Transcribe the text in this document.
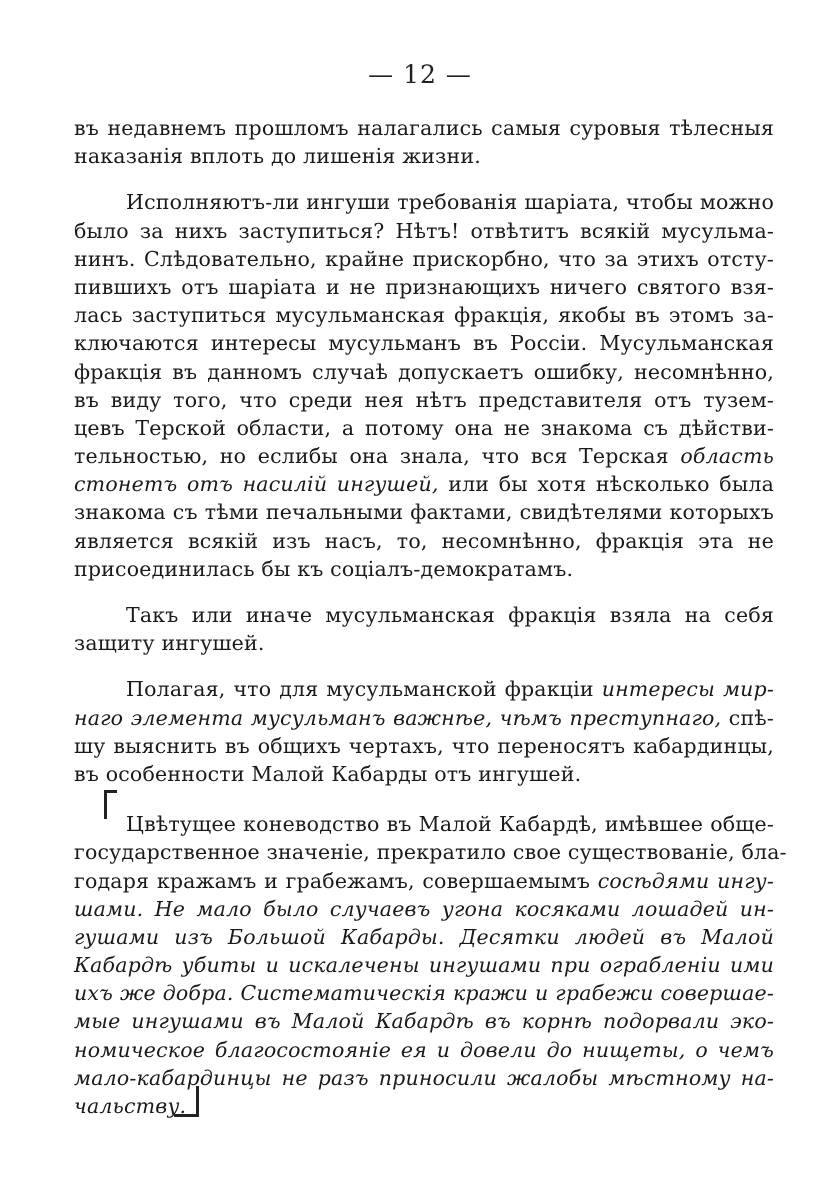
— 12 —
въ недавнемъ прошломъ налагались самыя суровыя тѣлесныя
наказанія вплоть до лишенія жизни.
Исполняютъ-ли ингуши требованія шаріата, чтобы можно
было за нихъ заступиться? Нѣтъ! отвѣтитъ всякій мусульма-
нинъ. Слѣдовательно, крайне прискорбно, что за этихъ отсту-
пившихъ отъ шаріата и не признающихъ ничего святого взя-
лась заступиться мусульманская фракція, якобы въ этомъ за-
ключаются интересы мусульманъ въ Россіи. Мусульманская
фракція въ данномъ случаѣ допускаетъ ошибку, несомнѣнно,
въ виду того, что среди нея нѣтъ представителя отъ тузем-
цевъ Терской области, а потому она не знакома съ дѣйстви-
тельностью, но еслибы она знала, что вся Терская область
стонетъ отъ насилій ингушей, или бы хотя нѣсколько была
знакома съ тѣми печальными фактами, свидѣтелями которыхъ
является всякій изъ насъ, то, несомнѣнно, фракція эта не
присоединилась бы къ соціалъ-демократамъ.
Такъ или иначе мусульманская фракція взяла на себя
защиту ингушей.
Полагая, что для мусульманской фракціи интересы мир-
наго элемента мусульманъ важнѣе, чѣмъ преступнаго, спѣ-
шу выяснить въ общихъ чертахъ, что переносятъ кабардинцы,
въ особенности Малой Кабарды отъ ингушей.
Цвѣтущее коневодство въ Малой Кабардѣ, имѣвшее обще-
государственное значеніе, прекратило свое существованіе, бла-
годаря кражамъ и грабежамъ, совершаемымъ сосѣдями ингу-
шами. Не мало было случаевъ угона косяками лошадей ин-
гушами изъ Большой Кабарды. Десятки людей въ Малой
Кабардѣ убиты и искалечены ингушами при ограбленіи ими
ихъ же добра. Систематическія кражи и грабежи совершае-
мые ингушами въ Малой Кабардѣ въ корнѣ подорвали эко-
номическое благосостояніе ея и довели до нищеты, о чемъ
мало-кабардинцы не разъ приносили жалобы мѣстному на-
чальству.
